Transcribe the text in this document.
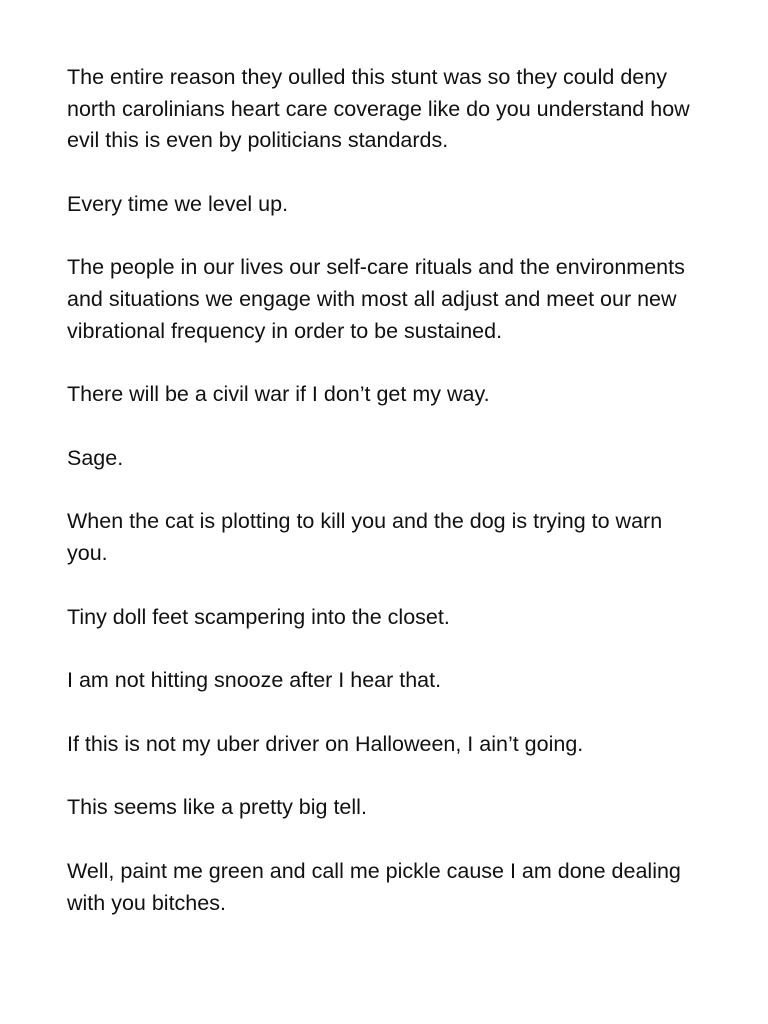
The entire reason they oulled this stunt was so they could deny north carolinians heart care coverage like do you understand how evil this is even by politicians standards.

Every time we level up.

The people in our lives our self-care rituals and the environments and situations we engage with most all adjust and meet our new vibrational frequency in order to be sustained.

There will be a civil war if I don’t get my way.

Sage.

When the cat is plotting to kill you and the dog is trying to warn you.

Tiny doll feet scampering into the closet.

I am not hitting snooze after I hear that.

If this is not my uber driver on Halloween, I ain’t going.

This seems like a pretty big tell.

Well, paint me green and call me pickle cause I am done dealing with you bitches.
